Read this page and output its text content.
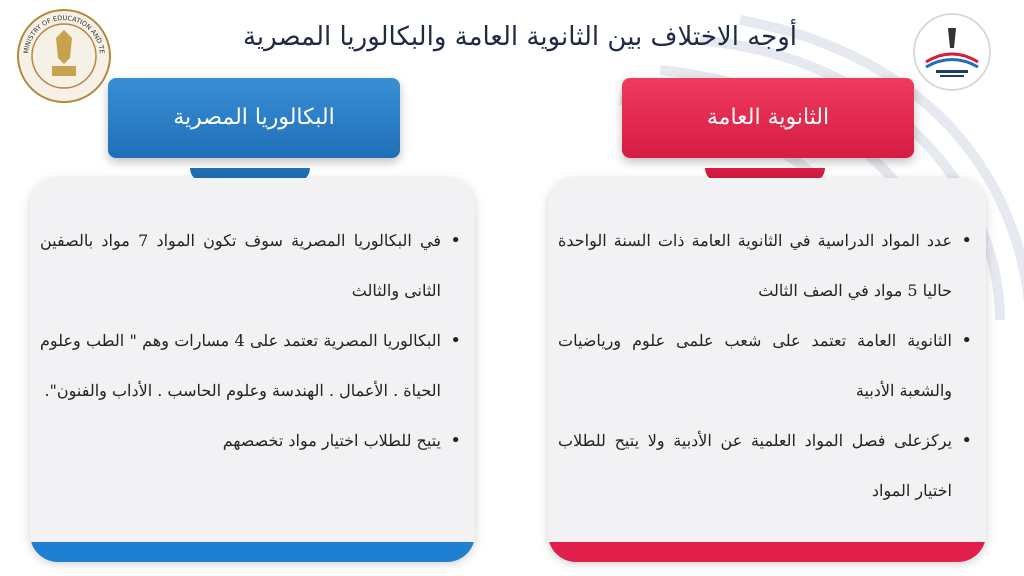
MINISTRY OF EDUCATION AND TE	أوجه الاختلاف بين الثانوية العامة والبكالوريا المصرية
البكالوريا المصرية	الثانوية العامة
• في البكالوريا المصرية سوف تكون المواد 7 مواد بالصفين الثانى والثالث
• البكالوريا المصرية تعتمد على 4 مسارات وهم " الطب وعلوم الحياة . الأعمال . الهندسة وعلوم الحاسب . الأداب والفنون".
• يتيح للطلاب اختيار مواد تخصصهم
• عدد المواد الدراسية في الثانوية العامة ذات السنة الواحدة حاليا 5 مواد في الصف الثالث
• الثانوية العامة تعتمد على شعب علمى علوم ورياضيات والشعبة الأدبية
• يركزعلى فصل المواد العلمية عن الأدبية ولا يتيح للطلاب اختيار المواد
